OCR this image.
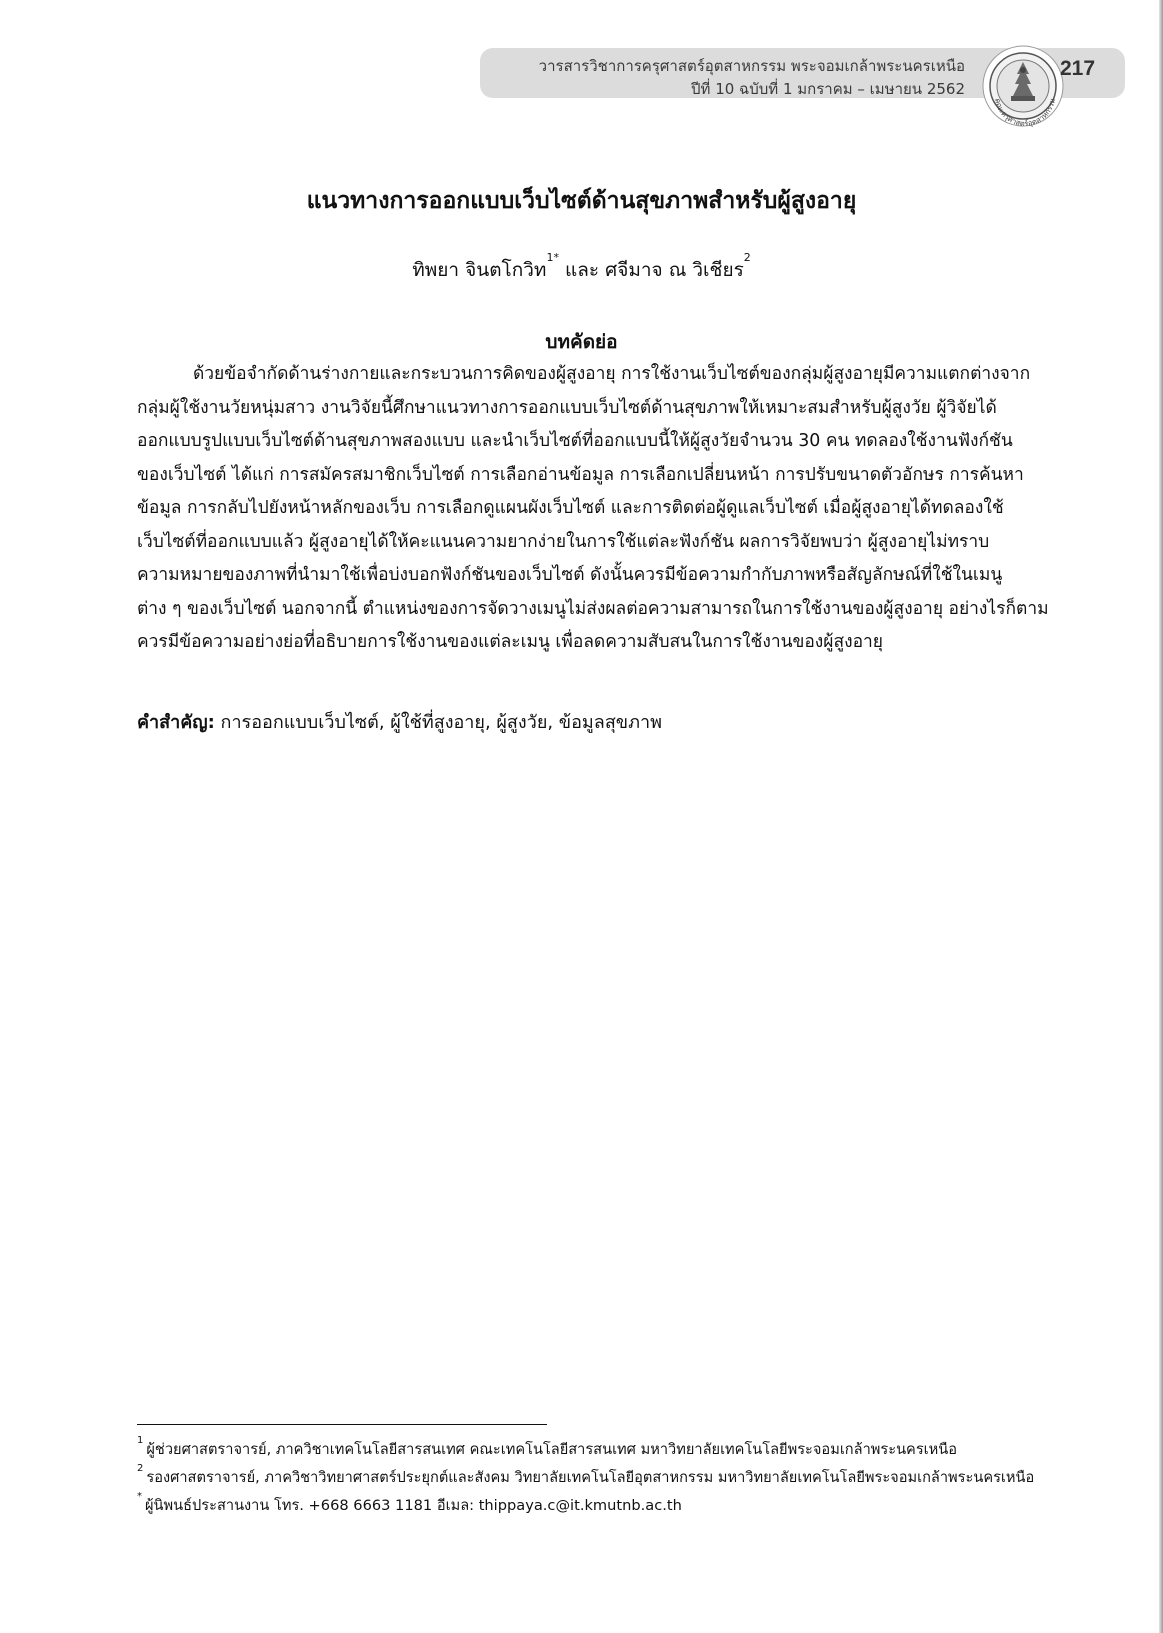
วารสารวิชาการครุศาสตร์อุตสาหกรรม พระจอมเกล้าพระนครเหนือ
ปีที่ 10 ฉบับที่ 1 มกราคม – เมษายน 2562
คณะครุศาสตร์อุตสาหกรรม
217
แนวทางการออกแบบเว็บไซต์ด้านสุขภาพสำหรับผู้สูงอายุ
ทิพยา จินตโกวิท$^{1*}$ และ ศจีมาจ ณ วิเชียร$^2$
บทคัดย่อ
ด้วยข้อจำกัดด้านร่างกายและกระบวนการคิดของผู้สูงอายุ การใช้งานเว็บไซต์ของกลุ่มผู้สูงอายุมีความแตกต่างจาก
กลุ่มผู้ใช้งานวัยหนุ่มสาว งานวิจัยนี้ศึกษาแนวทางการออกแบบเว็บไซต์ด้านสุขภาพให้เหมาะสมสำหรับผู้สูงวัย ผู้วิจัยได้
ออกแบบรูปแบบเว็บไซต์ด้านสุขภาพสองแบบ และนำเว็บไซต์ที่ออกแบบนี้ให้ผู้สูงวัยจำนวน 30 คน ทดลองใช้งานฟังก์ชัน
ของเว็บไซต์ ได้แก่ การสมัครสมาชิกเว็บไซต์ การเลือกอ่านข้อมูล การเลือกเปลี่ยนหน้า การปรับขนาดตัวอักษร การค้นหา
ข้อมูล การกลับไปยังหน้าหลักของเว็บ การเลือกดูแผนผังเว็บไซต์ และการติดต่อผู้ดูแลเว็บไซต์ เมื่อผู้สูงอายุได้ทดลองใช้
เว็บไซต์ที่ออกแบบแล้ว ผู้สูงอายุได้ให้คะแนนความยากง่ายในการใช้แต่ละฟังก์ชัน ผลการวิจัยพบว่า ผู้สูงอายุไม่ทราบ
ความหมายของภาพที่นำมาใช้เพื่อบ่งบอกฟังก์ชันของเว็บไซต์ ดังนั้นควรมีข้อความกำกับภาพหรือสัญลักษณ์ที่ใช้ในเมนู
ต่าง ๆ ของเว็บไซต์ นอกจากนี้ ตำแหน่งของการจัดวางเมนูไม่ส่งผลต่อความสามารถในการใช้งานของผู้สูงอายุ อย่างไรก็ตาม
ควรมีข้อความอย่างย่อที่อธิบายการใช้งานของแต่ละเมนู เพื่อลดความสับสนในการใช้งานของผู้สูงอายุ
คำสำคัญ: การออกแบบเว็บไซต์, ผู้ใช้ที่สูงอายุ, ผู้สูงวัย, ข้อมูลสุขภาพ
$^1$ผู้ช่วยศาสตราจารย์, ภาควิชาเทคโนโลยีสารสนเทศ คณะเทคโนโลยีสารสนเทศ มหาวิทยาลัยเทคโนโลยีพระจอมเกล้าพระนครเหนือ
$^2$รองศาสตราจารย์, ภาควิชาวิทยาศาสตร์ประยุกต์และสังคม วิทยาลัยเทคโนโลยีอุตสาหกรรม มหาวิทยาลัยเทคโนโลยีพระจอมเกล้าพระนครเหนือ
*ผู้นิพนธ์ประสานงาน โทร. +668 6663 1181 อีเมล: thippaya.c@it.kmutnb.ac.th
